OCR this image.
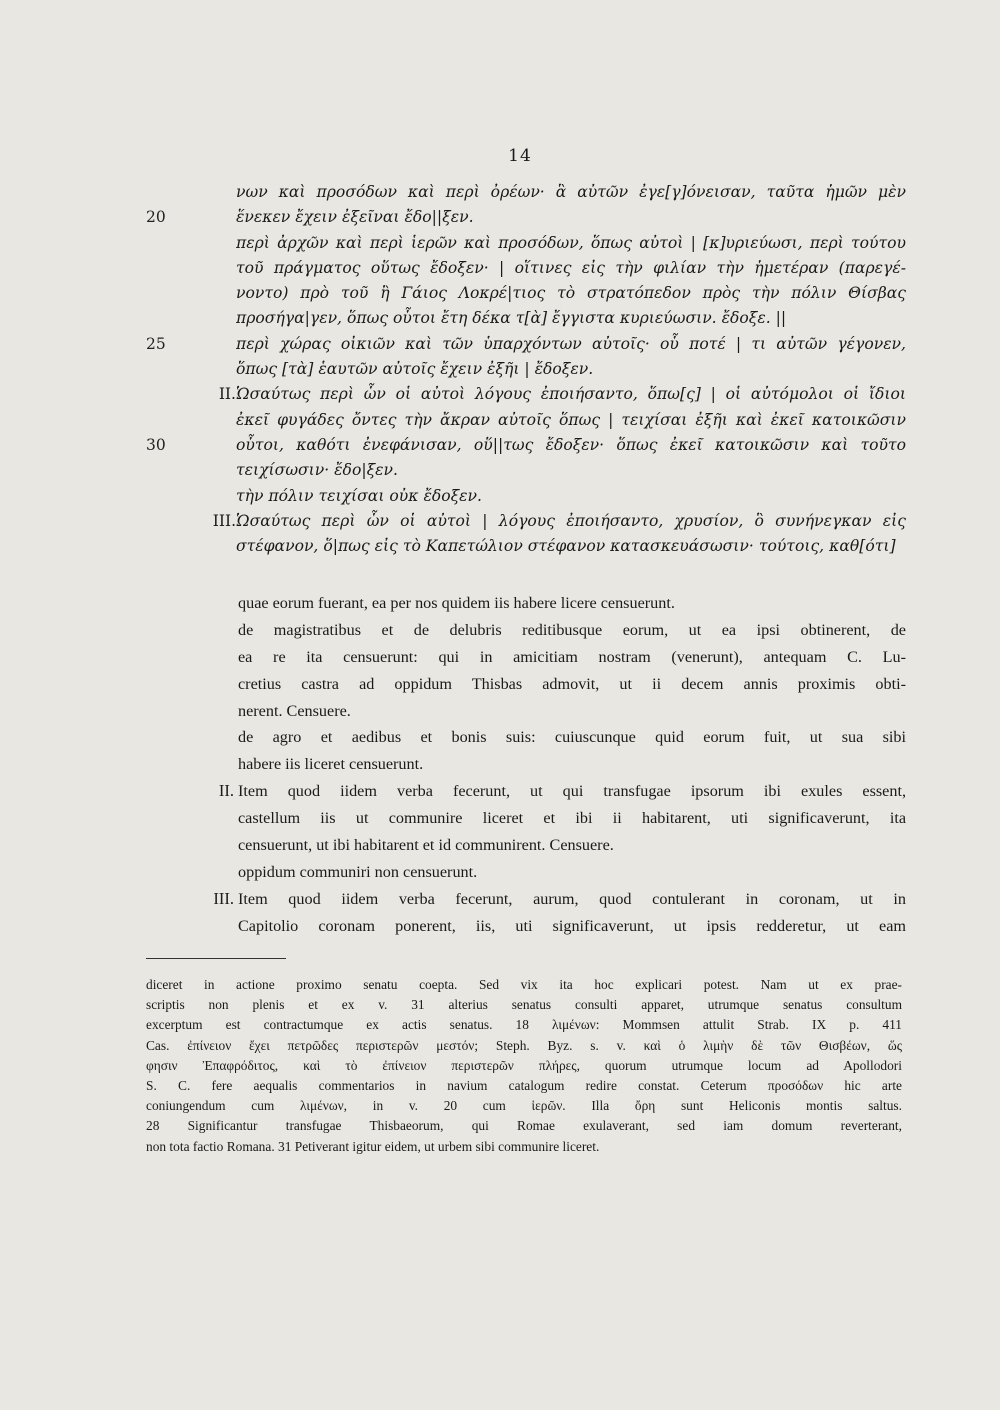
14
νων καὶ προσόδων καὶ περὶ ὀρέων· ἃ αὐτῶν ἐγε[γ]όνεισαν, ταῦτα ἡμῶν μὲν
20	ἕνεκεν ἔχειν ἐξεῖναι ἔδο||ξεν.
περὶ ἀρχῶν καὶ περὶ ἱερῶν καὶ προσόδων, ὅπως αὐτοὶ | [κ]υριεύωσι, περὶ τούτου
τοῦ πράγματος οὕτως ἔδοξεν· | οἵτινες εἰς τὴν φιλίαν τὴν ἡμετέραν (παρεγέ-
νοντο) πρὸ τοῦ ἢ Γάιος Λοκρέ|τιος τὸ στρατόπεδον πρὸς τὴν πόλιν Θίσβας
προσήγα|γεν, ὅπως οὗτοι ἔτη δέκα τ[ὰ] ἔγγιστα κυριεύωσιν. ἔδοξε. ||
25	περὶ χώρας οἰκιῶν καὶ τῶν ὑπαρχόντων αὐτοῖς· οὗ ποτέ | τι αὐτῶν γέγονεν,
ὅπως [τὰ] ἑαυτῶν αὐτοῖς ἔχειν ἐξῆι | ἔδοξεν.
II. Ὡσαύτως περὶ ὧν οἱ αὐτοὶ λόγους ἐποιήσαντο, ὅπω[ς] | οἱ αὐτόμολοι οἱ ἴδιοι
ἐκεῖ φυγάδες ὄντες τὴν ἄκραν αὐτοῖς ὅπως | τειχίσαι ἐξῆι καὶ ἐκεῖ κατοικῶσιν
30	οὗτοι, καθότι ἐνεφάνισαν, οὕ||τως ἔδοξεν· ὅπως ἐκεῖ κατοικῶσιν καὶ τοῦτο
τειχίσωσιν· ἔδο|ξεν.
τὴν πόλιν τειχίσαι οὐκ ἔδοξεν.
III. Ὡσαύτως περὶ ὧν οἱ αὐτοὶ | λόγους ἐποιήσαντο, χρυσίον, ὃ συνήνεγκαν εἰς
στέφανον, ὅ|πως εἰς τὸ Καπετώλιον στέφανον κατασκευάσωσιν· τούτοις, καθ[ότι]
quae eorum fuerant, ea per nos quidem iis habere licere censuerunt.
de magistratibus et de delubris reditibusque eorum, ut ea ipsi obtinerent, de
ea re ita censuerunt: qui in amicitiam nostram (venerunt), antequam C. Lu-
cretius castra ad oppidum Thisbas admovit, ut ii decem annis proximis obti-
nerent. Censuere.
de agro et aedibus et bonis suis: cuiuscunque quid eorum fuit, ut sua sibi
habere iis liceret censuerunt.
II. Item quod iidem verba fecerunt, ut qui transfugae ipsorum ibi exules essent,
castellum iis ut communire liceret et ibi ii habitarent, uti significaverunt, ita
censuerunt, ut ibi habitarent et id communirent. Censuere.
oppidum communiri non censuerunt.
III. Item quod iidem verba fecerunt, aurum, quod contulerant in coronam, ut in
Capitolio coronam ponerent, iis, uti significaverunt, ut ipsis redderetur, ut eam
diceret in actione proximo senatu coepta. Sed vix ita hoc explicari potest. Nam ut ex prae-
scriptis non plenis et ex v. 31 alterius senatus consulti apparet, utrumque senatus consultum
excerptum est contractumque ex actis senatus. 18 λιμένων: Mommsen attulit Strab. IX p. 411
Cas. ἐπίνειον ἔχει πετρῶδες περιστερῶν μεστόν; Steph. Byz. s. v. καὶ ὁ λιμὴν δὲ τῶν Θισβέων, ὥς
φησιν Ἐπαφρόδιτος, καὶ τὸ ἐπίνειον περιστερῶν πλήρες, quorum utrumque locum ad Apollodori
S. C. fere aequalis commentarios in navium catalogum redire constat. Ceterum προσόδων hic arte
coniungendum cum λιμένων, in v. 20 cum ἱερῶν. Illa ὄρη sunt Heliconis montis saltus.
28 Significantur transfugae Thisbaeorum, qui Romae exulaverant, sed iam domum reverterant,
non tota factio Romana. 31 Petiverant igitur eidem, ut urbem sibi communire liceret.
